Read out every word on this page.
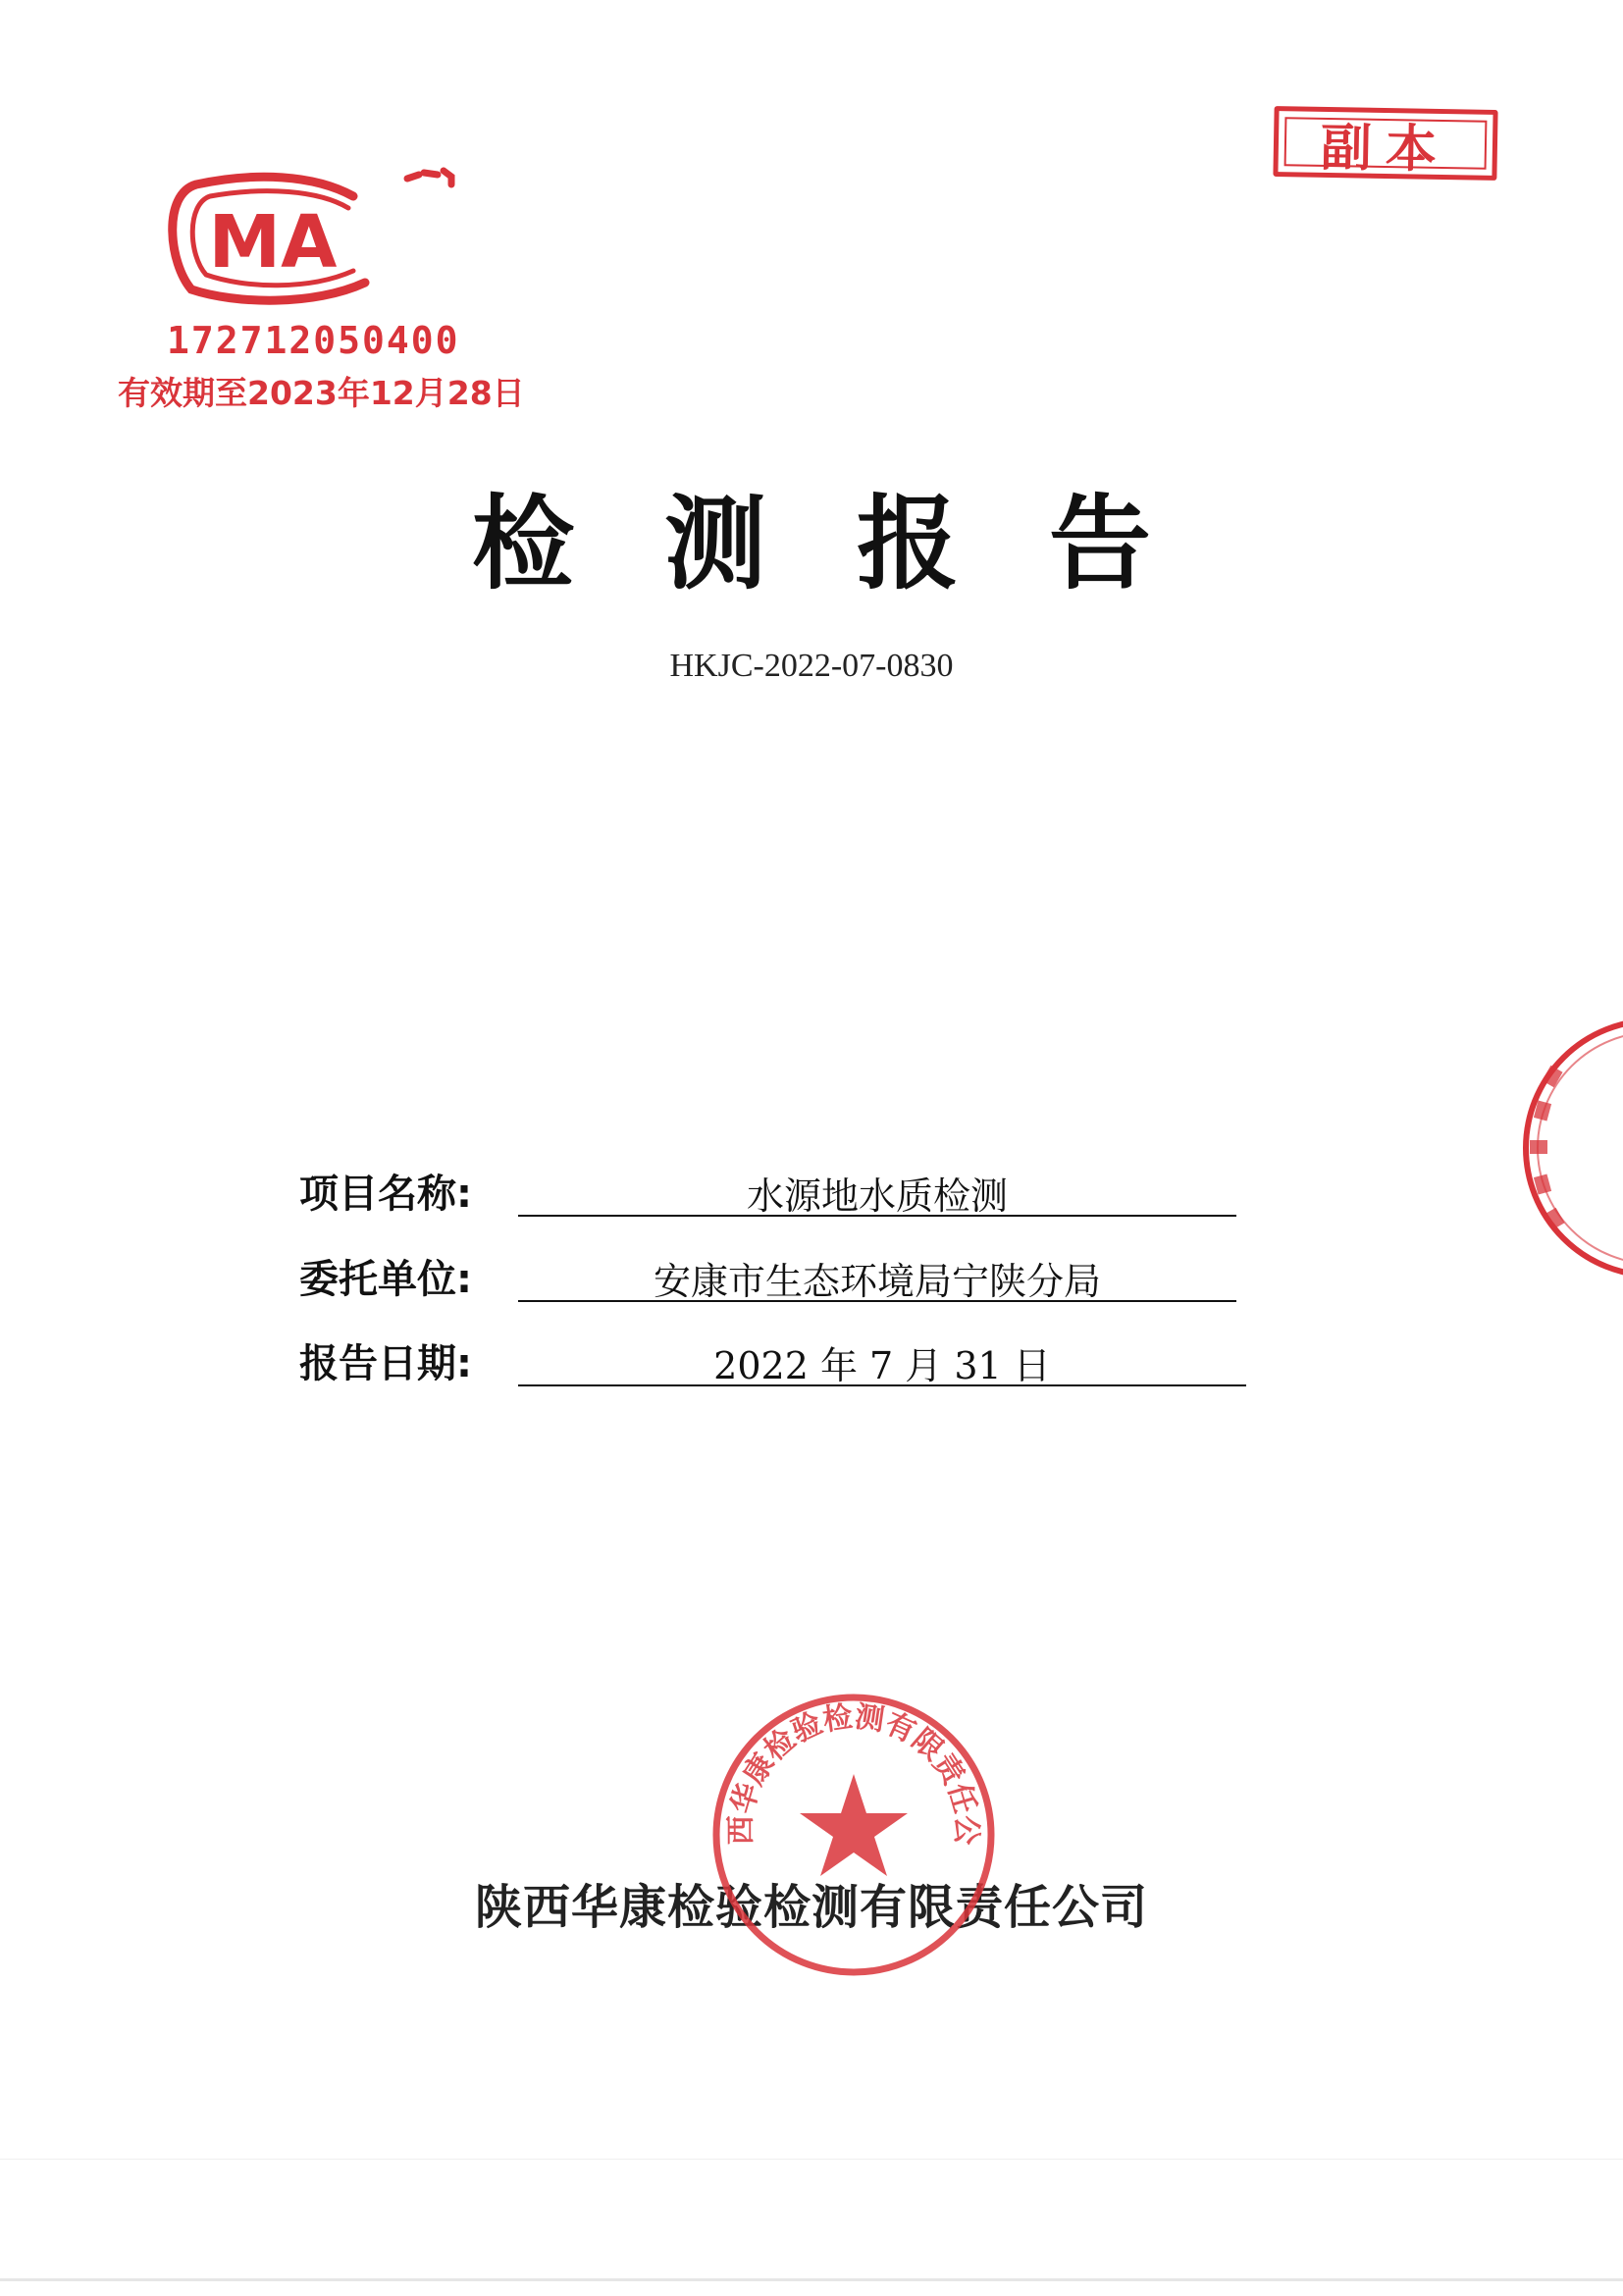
副本
MA
172712050400
有效期至2023年12月28日
检测报告
HKJC-2022-07-0830
项目名称:	水源地水质检测
委托单位:	安康市生态环境局宁陕分局
报告日期:	2022 年 7 月 31 日
陕西华康检验检测有限责任公司
西华康检验检测有限责任公
